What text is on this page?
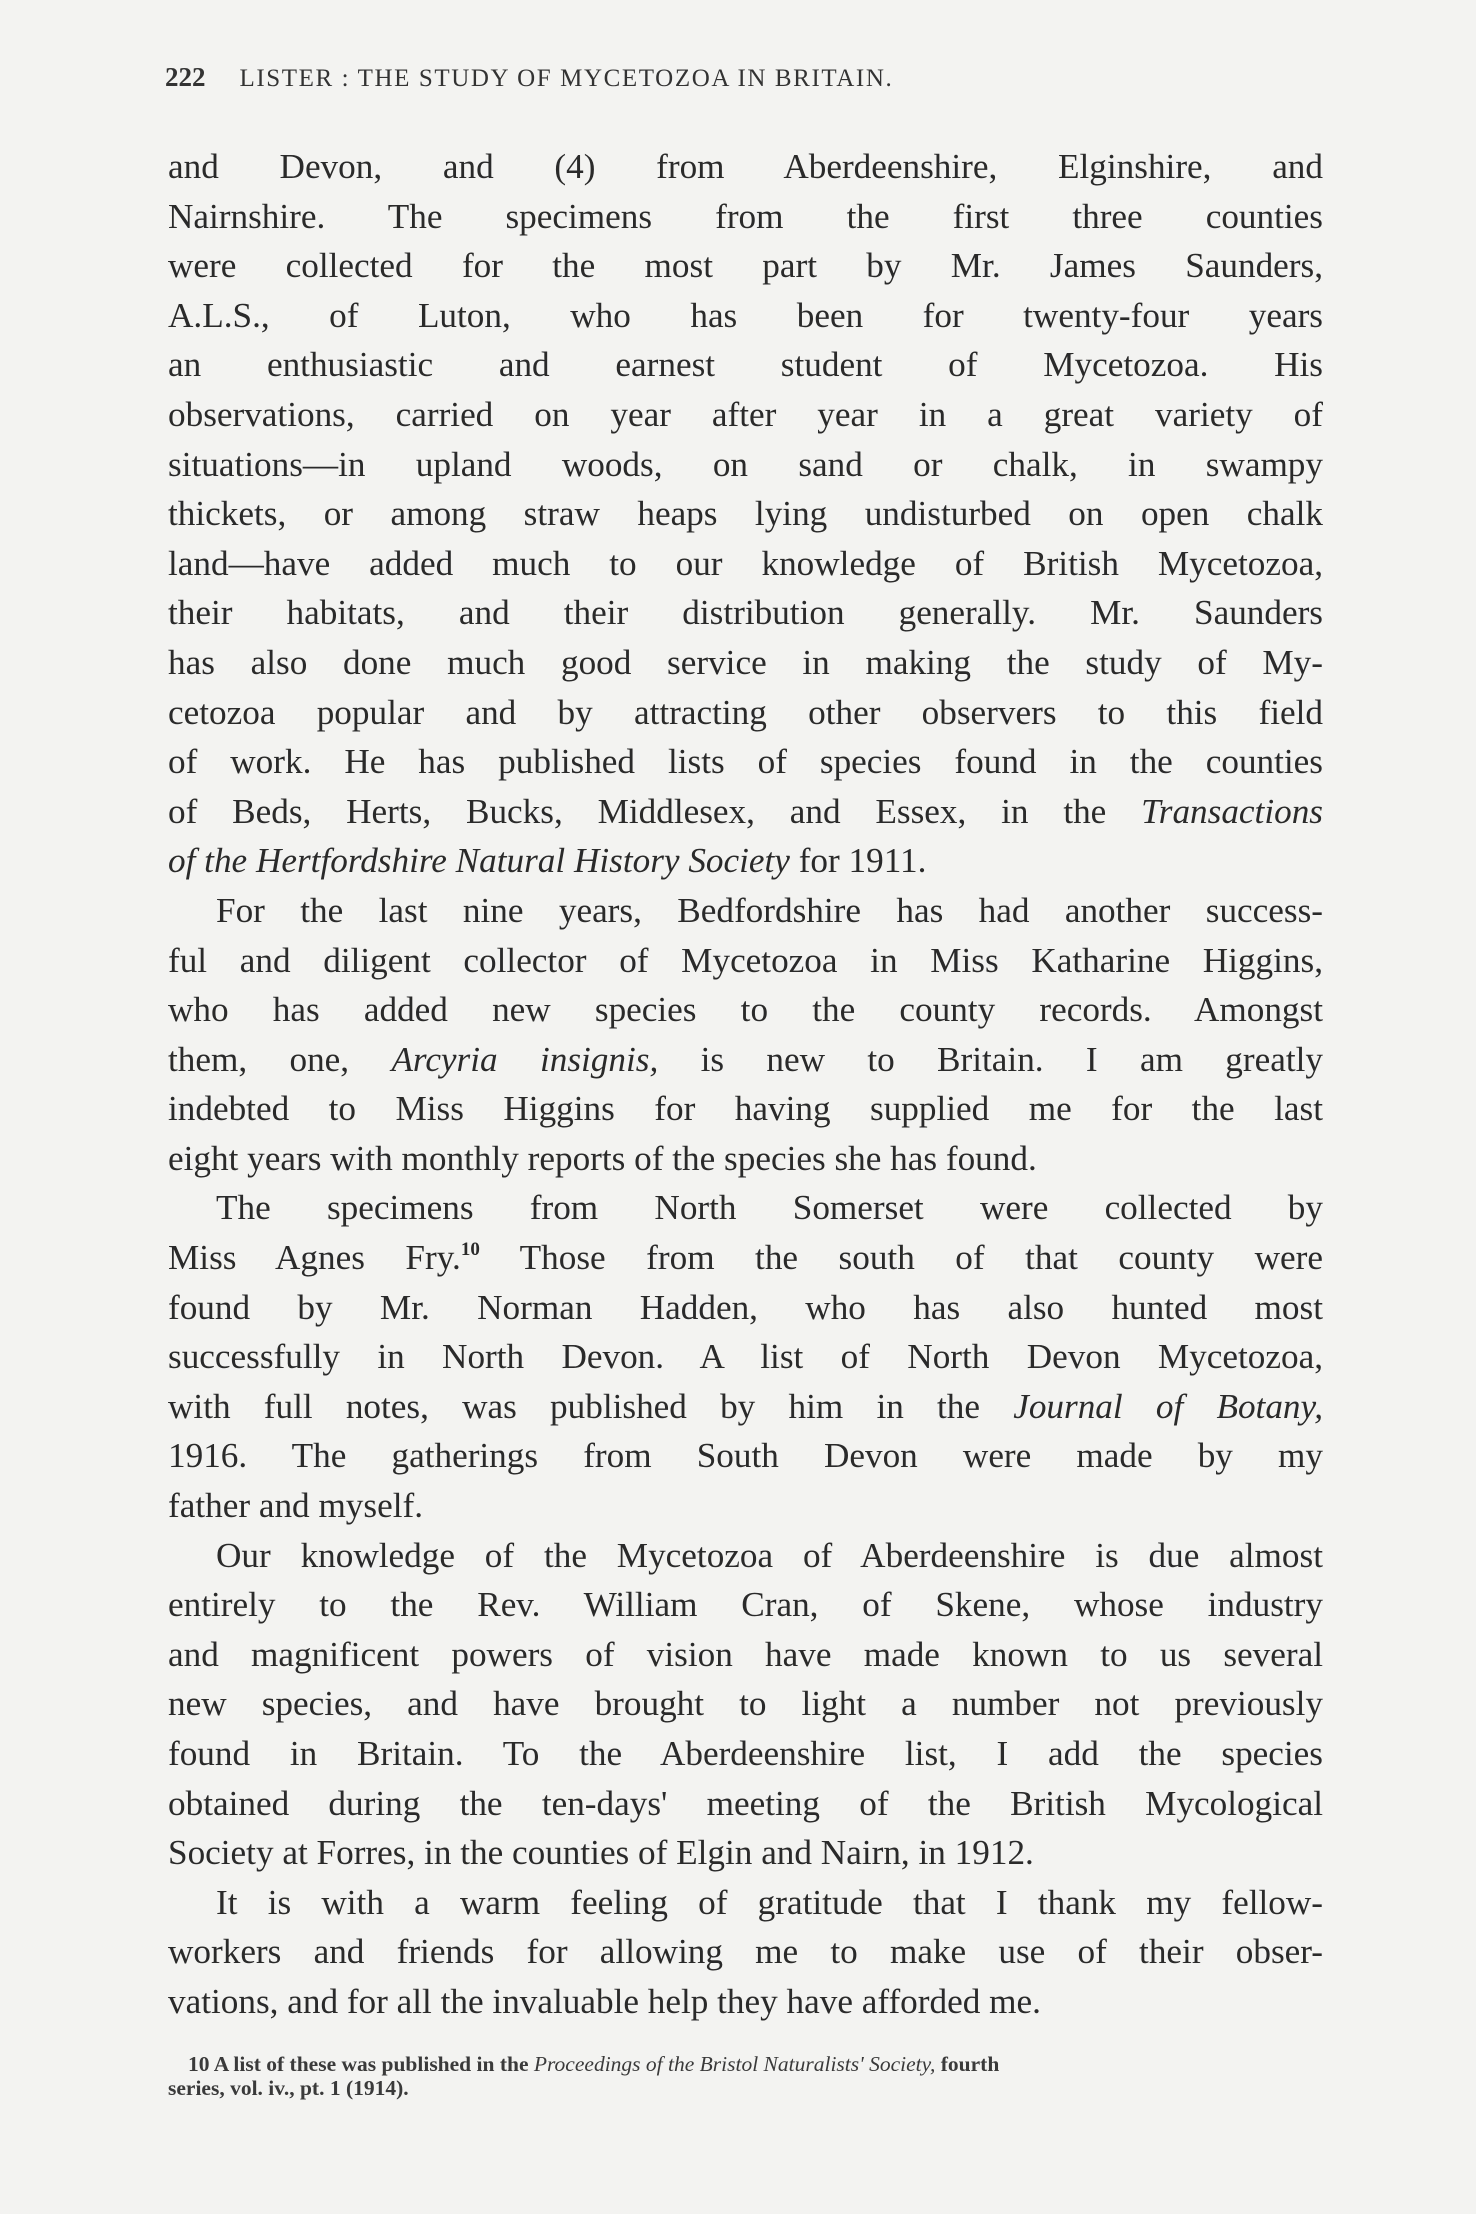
222 LISTER : THE STUDY OF MYCETOZOA IN BRITAIN.
and Devon, and (4) from Aberdeenshire, Elginshire, and
Nairnshire. The specimens from the first three counties
were collected for the most part by Mr. James Saunders,
A.L.S., of Luton, who has been for twenty-four years
an enthusiastic and earnest student of Mycetozoa. His
observations, carried on year after year in a great variety of
situations—in upland woods, on sand or chalk, in swampy
thickets, or among straw heaps lying undisturbed on open chalk
land—have added much to our knowledge of British Mycetozoa,
their habitats, and their distribution generally. Mr. Saunders
has also done much good service in making the study of My-
cetozoa popular and by attracting other observers to this field
of work. He has published lists of species found in the counties
of Beds, Herts, Bucks, Middlesex, and Essex, in the Transactions
of the Hertfordshire Natural History Society for 1911.
For the last nine years, Bedfordshire has had another success-
ful and diligent collector of Mycetozoa in Miss Katharine Higgins,
who has added new species to the county records. Amongst
them, one, Arcyria insignis, is new to Britain. I am greatly
indebted to Miss Higgins for having supplied me for the last
eight years with monthly reports of the species she has found.
The specimens from North Somerset were collected by
Miss Agnes Fry.$^{10}$ Those from the south of that county were
found by Mr. Norman Hadden, who has also hunted most
successfully in North Devon. A list of North Devon Mycetozoa,
with full notes, was published by him in the Journal of Botany,
1916. The gatherings from South Devon were made by my
father and myself.
Our knowledge of the Mycetozoa of Aberdeenshire is due almost
entirely to the Rev. William Cran, of Skene, whose industry
and magnificent powers of vision have made known to us several
new species, and have brought to light a number not previously
found in Britain. To the Aberdeenshire list, I add the species
obtained during the ten-days' meeting of the British Mycological
Society at Forres, in the counties of Elgin and Nairn, in 1912.
It is with a warm feeling of gratitude that I thank my fellow-
workers and friends for allowing me to make use of their obser-
vations, and for all the invaluable help they have afforded me.
10 A list of these was published in the Proceedings of the Bristol Naturalists' Society, fourth
series, vol. iv., pt. 1 (1914).
